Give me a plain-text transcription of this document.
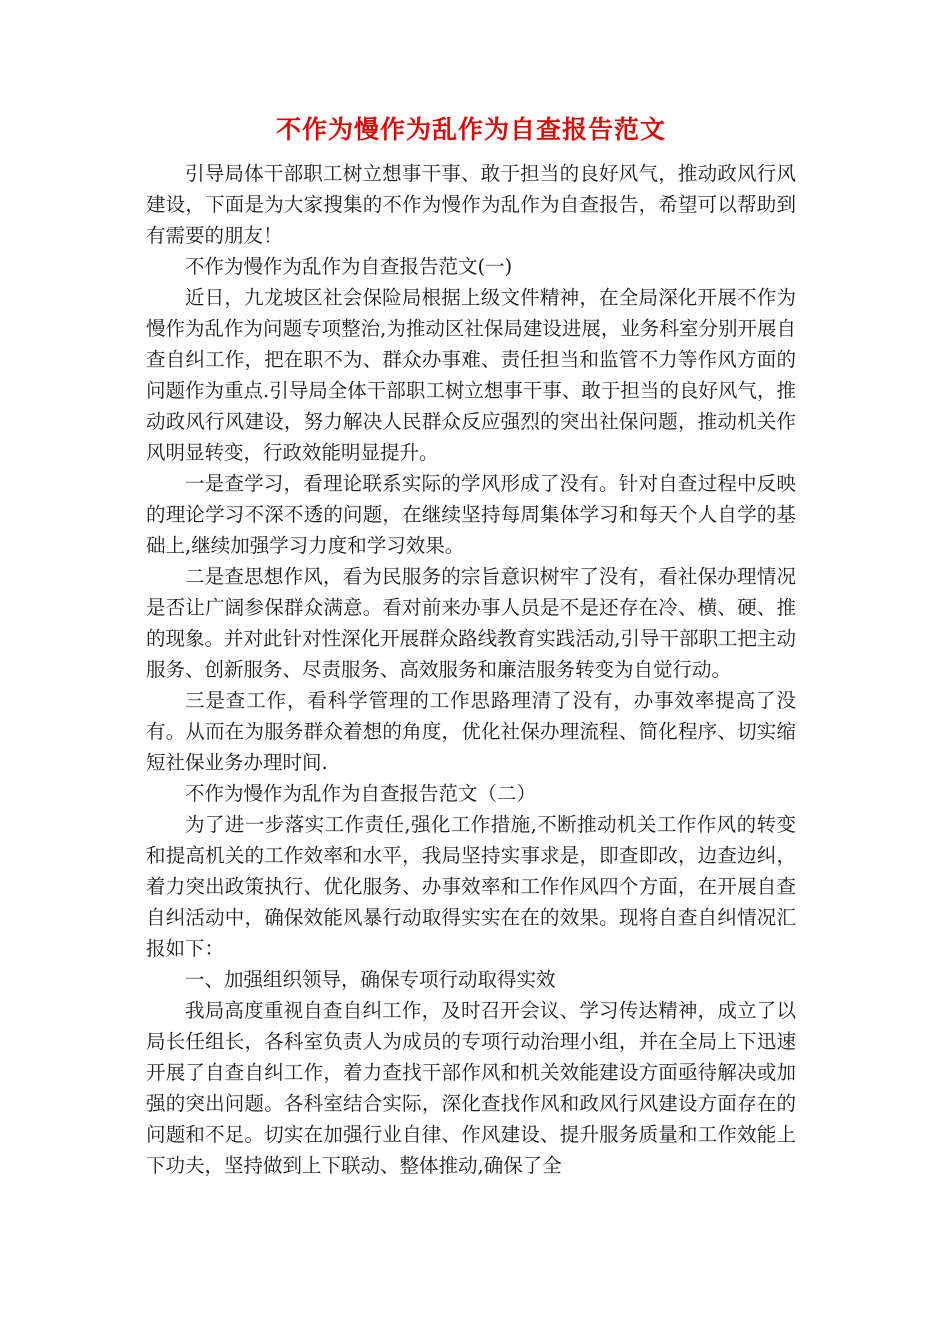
不作为慢作为乱作为自查报告范文

引导局体干部职工树立想事干事、敢于担当的良好风气，推动政风行风建设，下面是为大家搜集的不作为慢作为乱作为自查报告，希望可以帮助到有需要的朋友！

不作为慢作为乱作为自查报告范文(一)

近日，九龙坡区社会保险局根据上级文件精神，在全局深化开展不作为慢作为乱作为问题专项整治,为推动区社保局建设进展，业务科室分别开展自查自纠工作，把在职不为、群众办事难、责任担当和监管不力等作风方面的问题作为重点.引导局全体干部职工树立想事干事、敢于担当的良好风气，推动政风行风建设，努力解决人民群众反应强烈的突出社保问题，推动机关作风明显转变，行政效能明显提升。

一是查学习，看理论联系实际的学风形成了没有。针对自查过程中反映的理论学习不深不透的问题，在继续坚持每周集体学习和每天个人自学的基础上,继续加强学习力度和学习效果。

二是查思想作风，看为民服务的宗旨意识树牢了没有，看社保办理情况是否让广阔参保群众满意。看对前来办事人员是不是还存在冷、横、硬、推的现象。并对此针对性深化开展群众路线教育实践活动,引导干部职工把主动服务、创新服务、尽责服务、高效服务和廉洁服务转变为自觉行动。

三是查工作，看科学管理的工作思路理清了没有，办事效率提高了没有。从而在为服务群众着想的角度，优化社保办理流程、简化程序、切实缩短社保业务办理时间.

不作为慢作为乱作为自查报告范文（二）

为了进一步落实工作责任,强化工作措施,不断推动机关工作作风的转变和提高机关的工作效率和水平，我局坚持实事求是，即查即改，边查边纠，着力突出政策执行、优化服务、办事效率和工作作风四个方面，在开展自查自纠活动中，确保效能风暴行动取得实实在在的效果。现将自查自纠情况汇报如下：

一、加强组织领导，确保专项行动取得实效

我局高度重视自查自纠工作，及时召开会议、学习传达精神，成立了以局长任组长，各科室负责人为成员的专项行动治理小组，并在全局上下迅速开展了自查自纠工作，着力查找干部作风和机关效能建设方面亟待解决或加强的突出问题。各科室结合实际，深化查找作风和政风行风建设方面存在的问题和不足。切实在加强行业自律、作风建设、提升服务质量和工作效能上下功夫，坚持做到上下联动、整体推动,确保了全
